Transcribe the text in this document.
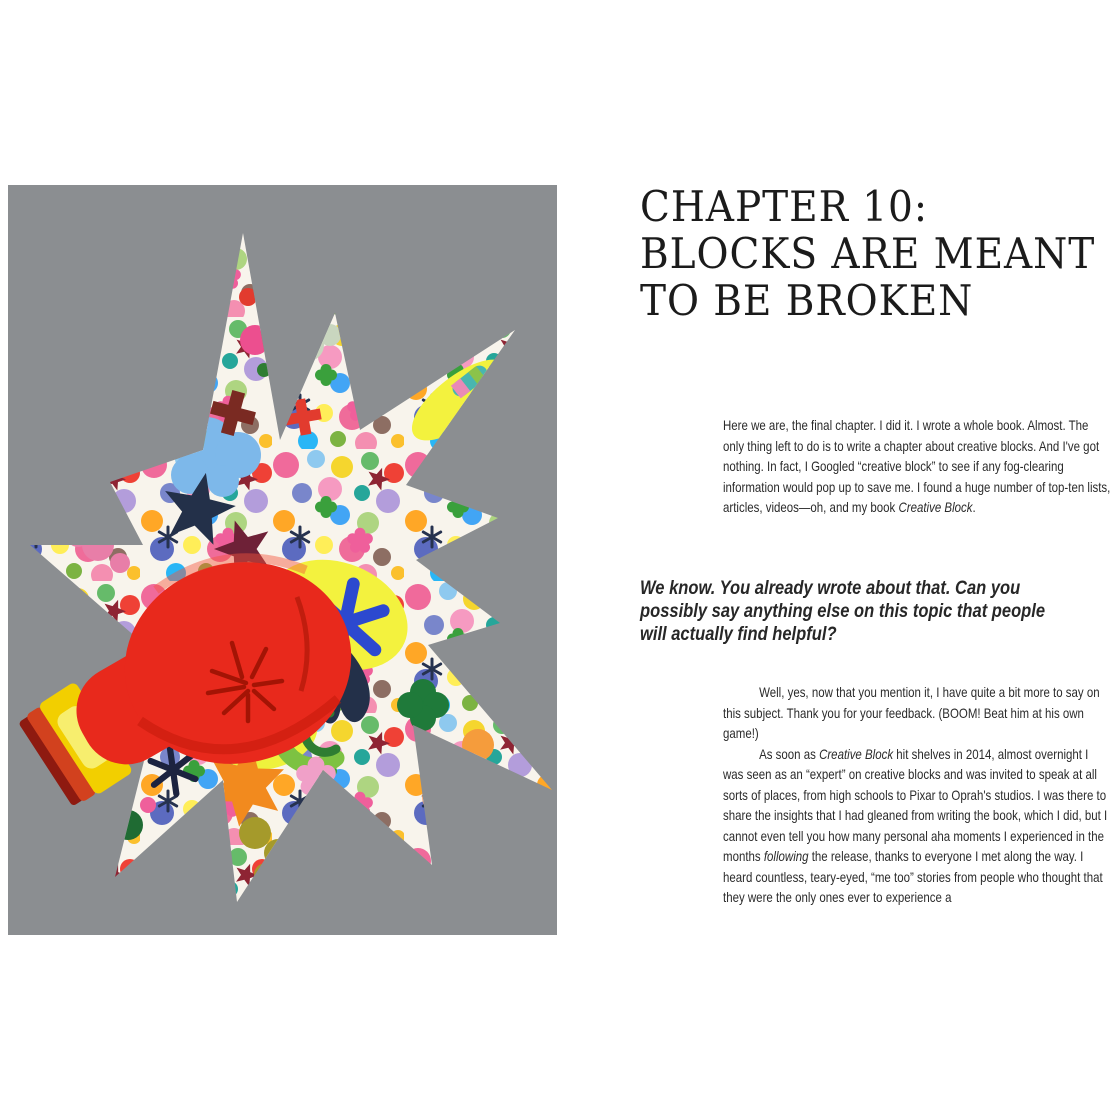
CHAPTER 10:
BLOCKS ARE MEANT
TO BE BROKEN

Here we are, the final chapter. I did it. I wrote a whole book. Almost. The only thing left to do is to write a chapter about creative blocks. And I've got nothing. In fact, I Googled “creative block” to see if any fog-clearing information would pop up to save me. I found a huge number of top-ten lists, articles, videos—oh, and my book Creative Block.

We know. You already wrote about that. Can you possibly say anything else on this topic that people will actually find helpful?

Well, yes, now that you mention it, I have quite a bit more to say on this subject. Thank you for your feedback. (BOOM! Beat him at his own game!)

As soon as Creative Block hit shelves in 2014, almost overnight I was seen as an “expert” on creative blocks and was invited to speak at all sorts of places, from high schools to Pixar to Oprah's studios. I was there to share the insights that I had gleaned from writing the book, which I did, but I cannot even tell you how many personal aha moments I experienced in the months following the release, thanks to everyone I met along the way. I heard countless, teary-eyed, “me too” stories from people who thought that they were the only ones ever to experience a
